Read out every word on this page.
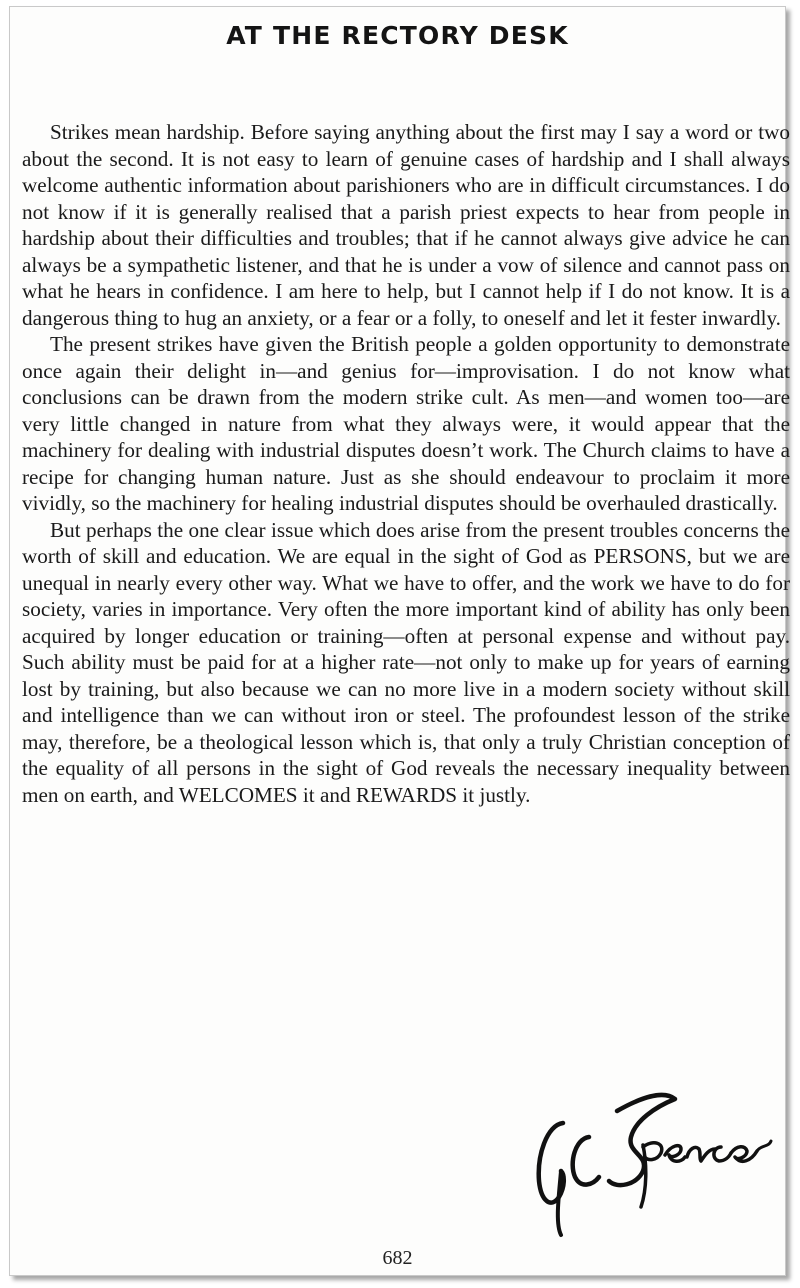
AT THE RECTORY DESK

Strikes mean hardship. Before saying anything about the first may I say a word or two about the second. It is not easy to learn of genuine cases of hardship and I shall always welcome authentic information about parishioners who are in difficult circumstances. I do not know if it is generally realised that a parish priest expects to hear from people in hardship about their difficulties and troubles; that if he cannot always give advice he can always be a sympathetic listener, and that he is under a vow of silence and cannot pass on what he hears in confidence. I am here to help, but I cannot help if I do not know. It is a dangerous thing to hug an anxiety, or a fear or a folly, to oneself and let it fester inwardly.

The present strikes have given the British people a golden opportunity to demonstrate once again their delight in—and genius for—improvisation. I do not know what conclusions can be drawn from the modern strike cult. As men—and women too—are very little changed in nature from what they always were, it would appear that the machinery for dealing with industrial disputes doesn’t work. The Church claims to have a recipe for changing human nature. Just as she should endeavour to proclaim it more vividly, so the machinery for healing industrial disputes should be overhauled drastically.

But perhaps the one clear issue which does arise from the present troubles concerns the worth of skill and education. We are equal in the sight of God as PERSONS, but we are unequal in nearly every other way. What we have to offer, and the work we have to do for society, varies in importance. Very often the more important kind of ability has only been acquired by longer education or training—often at personal expense and without pay. Such ability must be paid for at a higher rate—not only to make up for years of earning lost by training, but also because we can no more live in a modern society without skill and intelligence than we can without iron or steel. The profoundest lesson of the strike may, therefore, be a theological lesson which is, that only a truly Christian conception of the equality of all persons in the sight of God reveals the necessary inequality between men on earth, and WELCOMES it and REWARDS it justly.

682
